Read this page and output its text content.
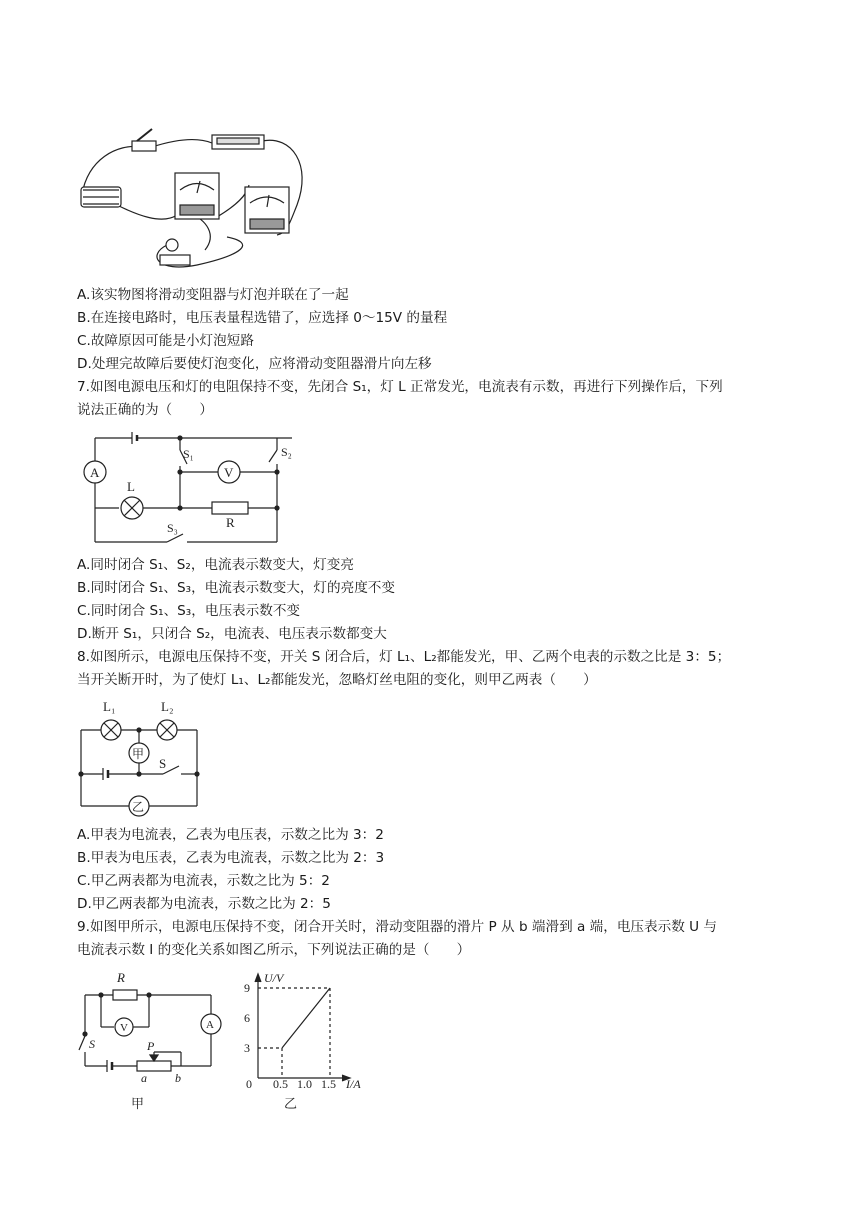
A.该实物图将滑动变阻器与灯泡并联在了一起
B.在连接电路时，电压表量程选错了，应选择 0～15V 的量程
C.故障原因可能是小灯泡短路
D.处理完故障后要使灯泡变化，应将滑动变阻器滑片向左移
7.如图电源电压和灯的电阻保持不变，先闭合 S₁，灯 L 正常发光，电流表有示数，再进行下列操作后，下列
说法正确的为（　　）
A
L
S₁
V
S₂
R
S₃
A.同时闭合 S₁、S₂，电流表示数变大，灯变亮
B.同时闭合 S₁、S₃，电流表示数变大，灯的亮度不变
C.同时闭合 S₁、S₃，电压表示数不变
D.断开 S₁，只闭合 S₂，电流表、电压表示数都变大
8.如图所示，电源电压保持不变，开关 S 闭合后，灯 L₁、L₂都能发光，甲、乙两个电表的示数之比是 3：5；
当开关断开时，为了使灯 L₁、L₂都能发光，忽略灯丝电阻的变化，则甲乙两表（　　）
L₁	L₂
甲
S
乙
A.甲表为电流表，乙表为电压表，示数之比为 3：2
B.甲表为电压表，乙表为电流表，示数之比为 2：3
C.甲乙两表都为电流表，示数之比为 5：2
D.甲乙两表都为电流表，示数之比为 2：5
9.如图甲所示，电源电压保持不变，闭合开关时，滑动变阻器的滑片 P 从 b 端滑到 a 端，电压表示数 U 与
电流表示数 I 的变化关系如图乙所示，下列说法正确的是（　　）
R
V	A
S	P
a b
甲
U/V
I/A
0
3
6
9
0.5 1.0 1.5
乙
